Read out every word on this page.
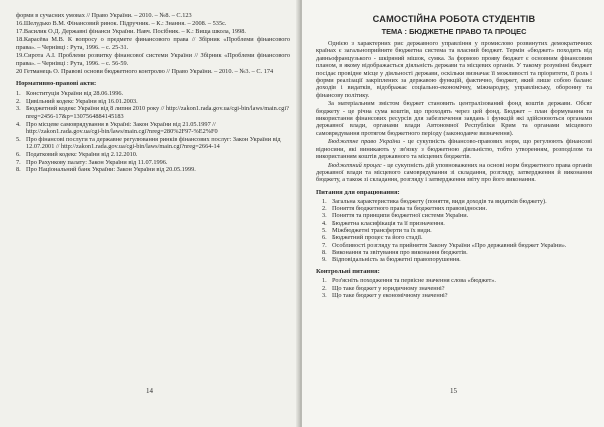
форми в сучасних умовах // Право України. – 2010. – №8. – С.123

16.Шелудько В.М. Фінансовий ринок. Підручник. – К.: Знання. – 2008. – 535с.

17.Василик О.Д. Державні фінанси України. Навч. Посібник. – К.: Вища школа, 1998.

18.Карасёва М.В. К вопросу о предмете финансового права // Збірник «Проблеми фінансового права». – Чернівці : Рута, 1996. – с. 25-31.

19.Сирота А.І. Проблеми розвитку фінансової системи України // Збірник «Проблеми фінансового права». – Чернівці : Рута, 1996. – с. 56-59.

20 Гетманець О. Правові основи бюджетного контролю // Право України. – 2010. – №3. – С. 174

Нормативно-правові акти:

1. Конституція України від 28.06.1996.
2. Цивільний кодекс України від 16.01.2003.
3. Бюджетний кодекс України від 8 липня 2010 року // http://zakon1.rada.gov.ua/cgi-bin/laws/main.cgi?nreg=2456-17&p=1307564884145183
4. Про місцеве самоврядування в Україні: Закон України від 21.05.1997 // http://zakon1.rada.gov.ua/cgi-bin/laws/main.cgi?nreg=280%2F97-%E2%F0
5. Про фінансові послуги та державне регулювання ринків фінансових послуг: Закон України від 12.07.2001 // http://zakon1.rada.gov.ua/cgi-bin/laws/main.cgi?nreg=2664-14
6. Податковий кодекс України від 2.12.2010.
7. Про Рахункову палату: Закон України від 11.07.1996.
8. Про Національний банк України: Закон України від 20.05.1999.
14
САМОСТІЙНА РОБОТА СТУДЕНТІВ
ТЕМА : БЮДЖЕТНЕ ПРАВО ТА ПРОЦЕС

Однією з характерних рис державного управління у промислово розвинутих демократичних країнах є загальноприйняте бюджетна система та власний бюджет. Термін «бюджет» походить від давньофранцузького - шкіряний мішок, сумка. За формою прояву бюджет є основним фінансовим планом, в якому відображається діяльність держави та місцевих органів. У такому розумінні бюджет посідає провідне місце у діяльності держави, оскільки визначає її можливості та пріоритети, її роль і форми реалізації закріплених за державою функцій, фактично, бюджет, який лише собою баланс доходів і видатків, відображає соціально-економічну, міжнародну, управлінську, оборонну та фінансову політику.

За матеріальним змістом бюджет становить централізований фонд коштів держави. Обсяг бюджету - це річна сума коштів, що проходять через цей фонд. Бюджет – план формування та використання фінансових ресурсів для забезпечення завдань і функцій які здійснюються органами державної влади, органами влади Автономної Республіки Крим та органами місцевого самоврядування протягом бюджетного періоду (законодавче визначення).

Бюджетне право України - це сукупність фінансово-правових норм, що регулюють фінансові відносини, які виникають у зв'язку з бюджетною діяльністю, тобто утворенням, розподілом та використанням коштів державного та місцевих бюджетів.

Бюджетний процес - це сукупність дій уповноважених на основі норм бюджетного права органів державної влади та місцевого самоврядування зі складання, розгляду, затвердження й виконання бюджету, а також зі складання, розгляду і затвердження звіту про його виконання.

Питання для опрацювання:

1. Загальна характеристика бюджету (поняття, види доходів та видатків бюджету).
2. Поняття бюджетного права та бюджетних правовідносин.
3. Поняття та принципи бюджетної системи України.
4. Бюджетна класифікація та її призначення.
5. Міжбюджетні трансферти та їх види.
6. Бюджетний процес та його стадії.
7. Особливості розгляду та прийняття Закону України «Про державний бюджет України».
8. Виконання та звітування про виконання бюджетів.
9. Відповідальність за бюджетні правопорушення.

Контрольні питання:

1. Роз'ясніть походження та первісне значення слова «бюджет».
2. Що таке бюджет у юридичному значенні?
3. Що таке бюджет у економічному значенні?
15
